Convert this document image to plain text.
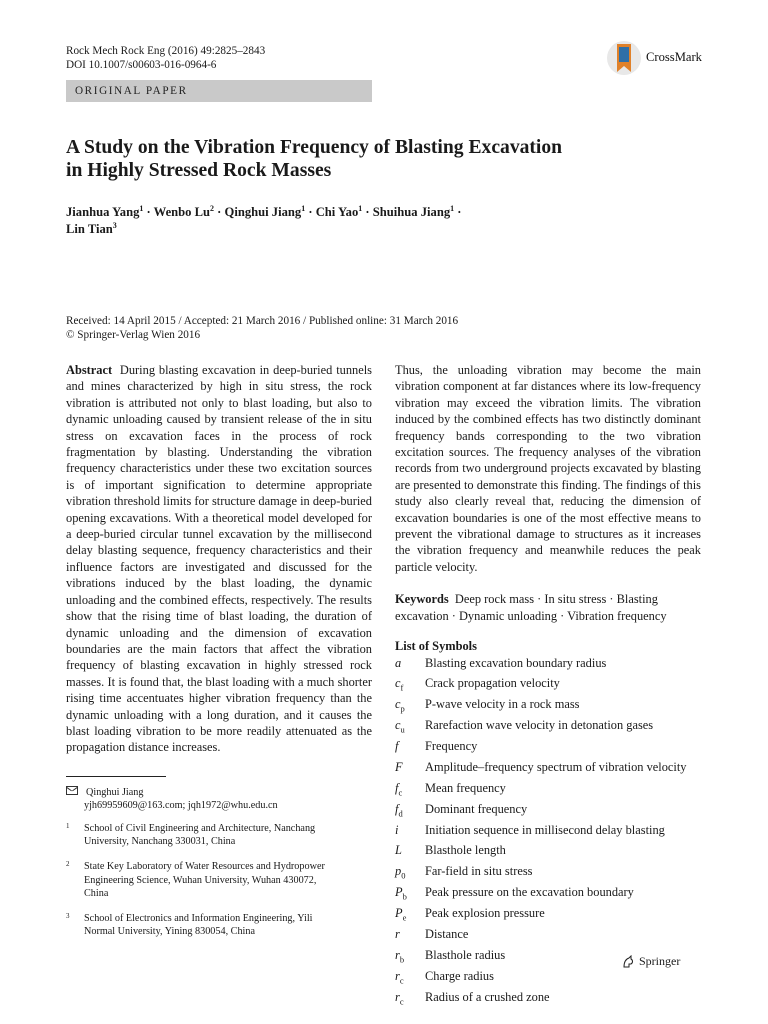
Rock Mech Rock Eng (2016) 49:2825–2843
DOI 10.1007/s00603-016-0964-6
CrossMark
ORIGINAL PAPER
A Study on the Vibration Frequency of Blasting Excavation
in Highly Stressed Rock Masses
Jianhua Yang$^1$ · Wenbo $Lu^2$ · Qinghui Jiang$^1$ · Chi Yao$^1$ · Shuihua Jiang$^1$ ·
Lin Tian$^3$
Received: 14 April 2015 / Accepted: 21 March 2016 / Published online: 31 March 2016
© Springer-Verlag Wien 2016

Abstract During blasting excavation in deep-buried tunnels and mines characterized by high in situ stress, the rock vibration is attributed not only to blast loading, but also to dynamic unloading caused by transient release of the in situ stress on excavation faces in the process of rock fragmentation by blasting. Understanding the vibration frequency characteristics under these two excitation sources is of important signification to determine appropriate vibration threshold limits for structure damage in deep-buried opening excavations. With a theoretical model developed for a deep-buried circular tunnel excavation by the millisecond delay blasting sequence, frequency characteristics and their influence factors are investigated and discussed for the vibrations induced by the blast loading, the dynamic unloading and the combined effects, respectively. The results show that the rising time of blast loading, the duration of dynamic unloading and the dimension of excavation boundaries are the main factors that affect the vibration frequency of blasting excavation in highly stressed rock masses. It is found that, the blast loading with a much shorter rising time accentuates higher vibration frequency than the dynamic unloading with a long duration, and it causes the blast loading vibration to be more readily attenuated as the propagation distance increases.

Thus, the unloading vibration may become the main vibration component at far distances where its low-frequency vibration may exceed the vibration limits. The vibration induced by the combined effects has two distinctly dominant frequency bands corresponding to the two vibration excitation sources. The frequency analyses of the vibration records from two underground projects excavated by blasting are presented to demonstrate this finding. The findings of this study also clearly reveal that, reducing the dimension of excavation boundaries is one of the most effective means to prevent the vibrational damage to structures as it increases the vibration frequency and meanwhile reduces the peak particle velocity.

Keywords Deep rock mass · In situ stress · Blasting excavation · Dynamic unloading · Vibration frequency

List of Symbols
a	Blasting excavation boundary radius
$c_f$	Crack propagation velocity
$c_p$	P-wave velocity in a rock mass
$c_u$	Rarefaction wave velocity in detonation gases
f	Frequency
F	Amplitude–frequency spectrum of vibration velocity
$f_c$	Mean frequency
$f_d$	Dominant frequency
i	Initiation sequence in millisecond delay blasting
L	Blasthole length
$p_0$	Far-field in situ stress
$P_b$	Peak pressure on the excavation boundary
$P_e$	Peak explosion pressure
r	Distance
$r_b$	Blasthole radius
$r_c$	Charge radius
$r_c$	Radius of a crushed zone
Qinghui Jiang
yjh69959609@163.com; jqh1972@whu.edu.cn
1 School of Civil Engineering and Architecture, Nanchang
University, Nanchang 330031, China
2 State Key Laboratory of Water Resources and Hydropower
Engineering Science, Wuhan University, Wuhan 430072,
China
3 School of Electronics and Information Engineering, Yili
Normal University, Yining 830054, China
Springer
